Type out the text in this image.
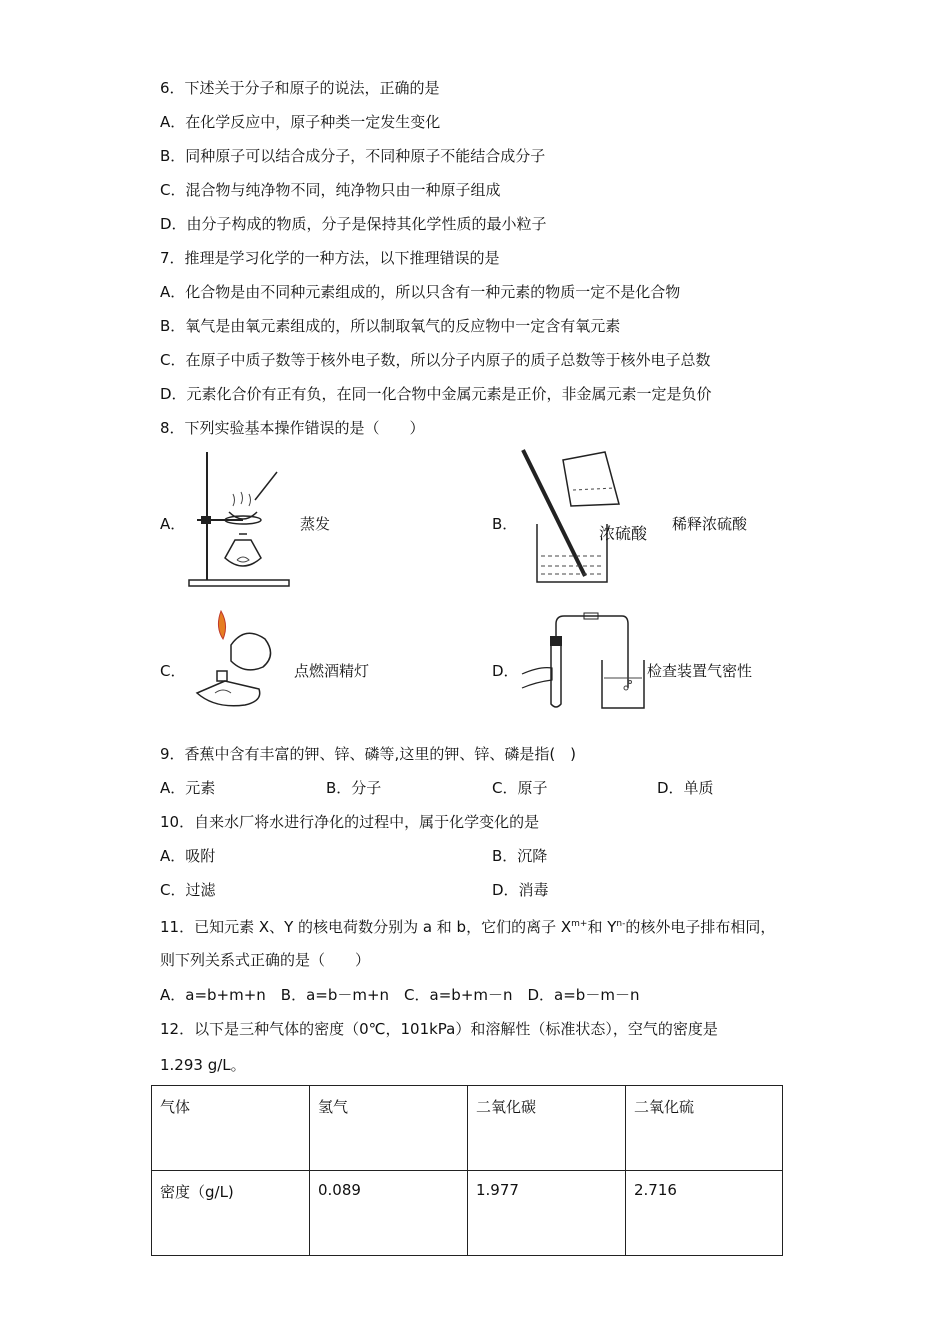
6．下述关于分子和原子的说法，正确的是
A．在化学反应中，原子种类一定发生变化
B．同种原子可以结合成分子，不同种原子不能结合成分子
C．混合物与纯净物不同，纯净物只由一种原子组成
D．由分子构成的物质，分子是保持其化学性质的最小粒子
7．推理是学习化学的一种方法，以下推理错误的是
A．化合物是由不同种元素组成的，所以只含有一种元素的物质一定不是化合物
B．氧气是由氧元素组成的，所以制取氧气的反应物中一定含有氧元素
C．在原子中质子数等于核外电子数，所以分子内原子的质子总数等于核外电子总数
D．元素化合价有正有负，在同一化合物中金属元素是正价，非金属元素一定是负价
8．下列实验基本操作错误的是（　　）
A．	蒸发	B．	浓硫酸 稀释浓硫酸
C．	点燃酒精灯	D．	检查装置气密性
9．香蕉中含有丰富的钾、锌、磷等,这里的钾、锌、磷是指(　)
A．元素	B．分子	C．原子	D．单质
10．自来水厂将水进行净化的过程中，属于化学变化的是
A．吸附	B．沉降
C．过滤	D．消毒
11．已知元素 X、Y 的核电荷数分别为 a 和 b，它们的离子 $X^{m+}$和 $Y^{n-}$的核外电子排布相同，
则下列关系式正确的是（　　）
A．a=b+m+n　B．a=b－m+n　C．a=b+m－n　D．a=b－m－n
12．以下是三种气体的密度（0℃，101kPa）和溶解性（标准状态），空气的密度是
1.293 g/L。
气体	氢气	二氧化碳	二氧化硫
密度（g/L)	0.089	1.977	2.716
